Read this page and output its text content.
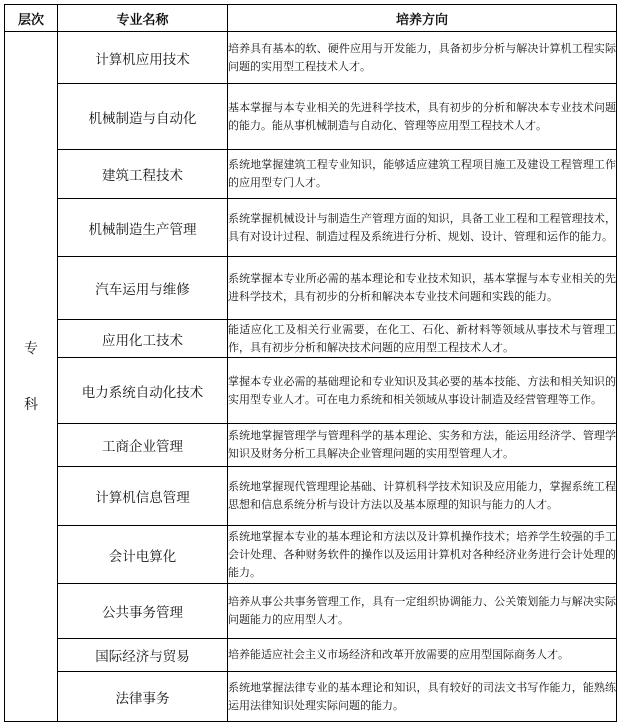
层次	专业名称	培养方向

专
科	计算机应用技术	培养具有基本的软、硬件应用与开发能力，具备初步分析与解决计算机工程实际问题的实用型工程技术人才。
	机械制造与自动化	基本掌握与本专业相关的先进科学技术，具有初步的分析和解决本专业技术问题的能力。能从事机械制造与自动化、管理等应用型工程技术人才。
	建筑工程技术	系统地掌握建筑工程专业知识，能够适应建筑工程项目施工及建设工程管理工作的应用型专门人才。
	机械制造生产管理	系统掌握机械设计与制造生产管理方面的知识，具备工业工程和工程管理技术，具有对设计过程、制造过程及系统进行分析、规划、设计、管理和运作的能力。
	汽车运用与维修	系统掌握本专业所必需的基本理论和专业技术知识，基本掌握与本专业相关的先进科学技术，具有初步的分析和解决本专业技术问题和实践的能力。
	应用化工技术	能适应化工及相关行业需要，在化工、石化、新材料等领域从事技术与管理工作，具有初步分析和解决技术问题的应用型工程技术人才。
	电力系统自动化技术	掌握本专业必需的基础理论和专业知识及其必要的基本技能、方法和相关知识的实用型专业人才。可在电力系统和相关领域从事设计制造及经营管理等工作。
	工商企业管理	系统地掌握管理学与管理科学的基本理论、实务和方法，能运用经济学、管理学知识及财务分析工具解决企业管理问题的实用型管理人才。
	计算机信息管理	系统地掌握现代管理理论基础、计算机科学技术知识及应用能力，掌握系统工程思想和信息系统分析与设计方法以及基本原理的知识与能力的人才。
	会计电算化	系统地掌握本专业的基本理论和方法以及计算机操作技术；培养学生较强的手工会计处理、各种财务软件的操作以及运用计算机对各种经济业务进行会计处理的能力。
	公共事务管理	培养从事公共事务管理工作，具有一定组织协调能力、公关策划能力与解决实际问题能力的应用型人才。
	国际经济与贸易	培养能适应社会主义市场经济和改革开放需要的应用型国际商务人才。
	法律事务	系统地掌握法律专业的基本理论和知识，具有较好的司法文书写作能力，能熟练运用法律知识处理实际问题的能力。
